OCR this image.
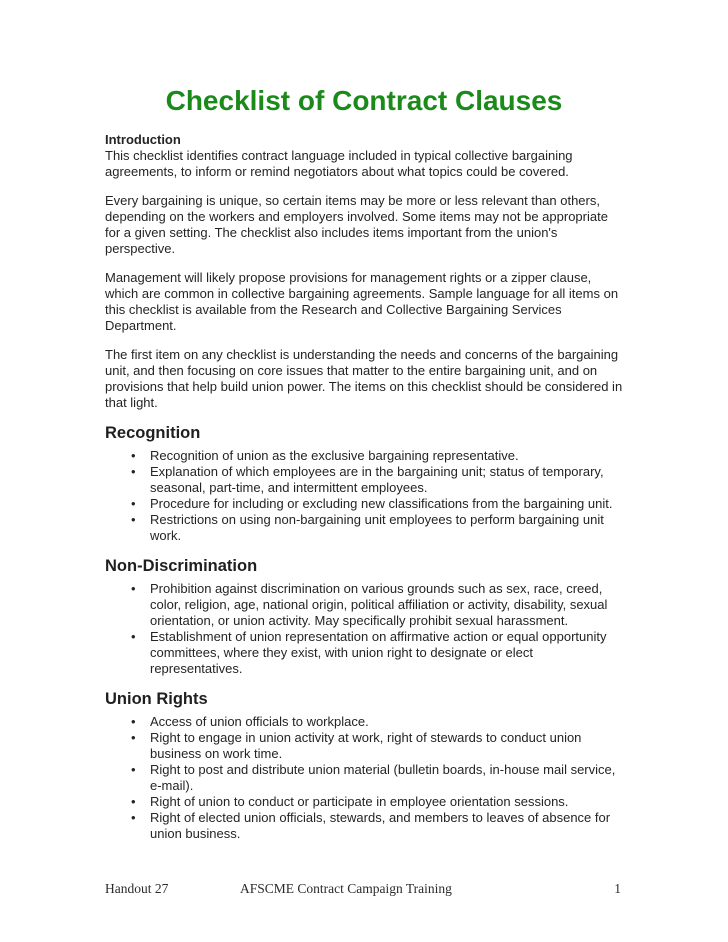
Checklist of Contract Clauses
Introduction

This checklist identifies contract language included in typical collective bargaining agreements, to inform or remind negotiators about what topics could be covered.

Every bargaining is unique, so certain items may be more or less relevant than others, depending on the workers and employers involved. Some items may not be appropriate for a given setting. The checklist also includes items important from the union's perspective.

Management will likely propose provisions for management rights or a zipper clause, which are common in collective bargaining agreements. Sample language for all items on this checklist is available from the Research and Collective Bargaining Services Department.

The first item on any checklist is understanding the needs and concerns of the bargaining unit, and then focusing on core issues that matter to the entire bargaining unit, and on provisions that help build union power. The items on this checklist should be considered in that light.

Recognition
• Recognition of union as the exclusive bargaining representative.
• Explanation of which employees are in the bargaining unit; status of temporary, seasonal, part-time, and intermittent employees.
• Procedure for including or excluding new classifications from the bargaining unit.
• Restrictions on using non-bargaining unit employees to perform bargaining unit work.
Non-Discrimination
• Prohibition against discrimination on various grounds such as sex, race, creed, color, religion, age, national origin, political affiliation or activity, disability, sexual orientation, or union activity. May specifically prohibit sexual harassment.
• Establishment of union representation on affirmative action or equal opportunity committees, where they exist, with union right to designate or elect representatives.
Union Rights
• Access of union officials to workplace.
• Right to engage in union activity at work, right of stewards to conduct union business on work time.
• Right to post and distribute union material (bulletin boards, in-house mail service, e-mail).
• Right of union to conduct or participate in employee orientation sessions.
• Right of elected union officials, stewards, and members to leaves of absence for union business.
Handout 27	AFSCME Contract Campaign Training	1
